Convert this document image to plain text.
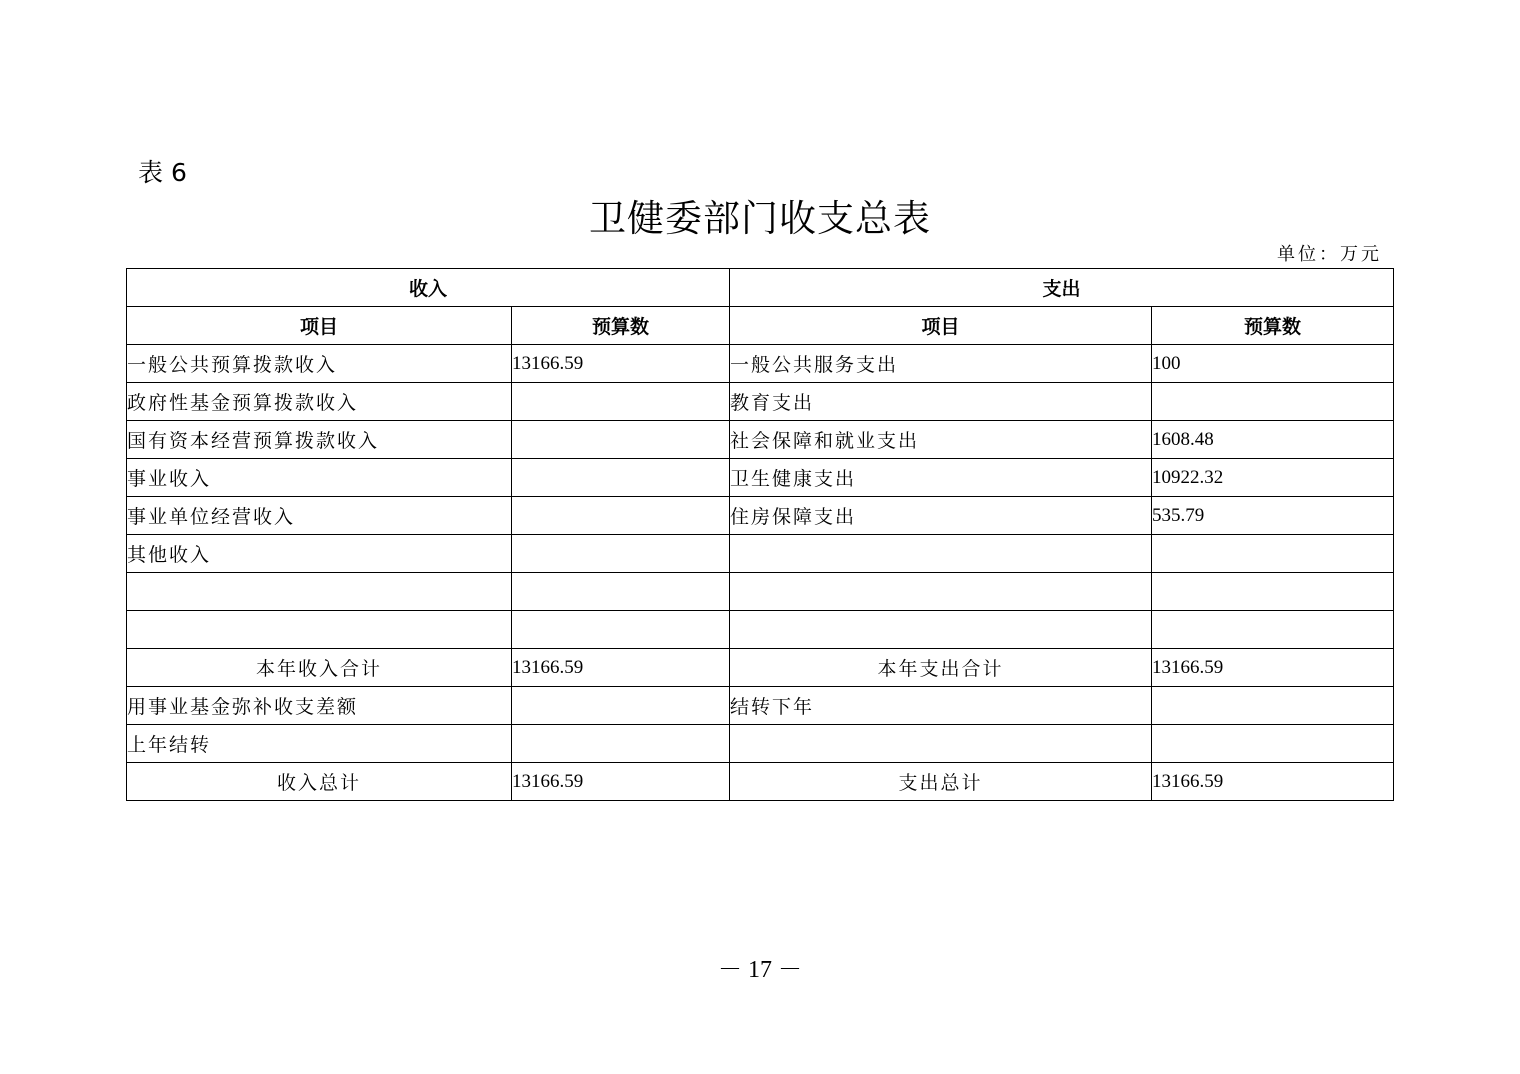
表 6
卫健委部门收支总表
单位：万元
收入		支出	
项目	预算数	项目	预算数
一般公共预算拨款收入	13166.59	一般公共服务支出	100
政府性基金预算拨款收入		教育支出	
国有资本经营预算拨款收入		社会保障和就业支出	1608.48
事业收入		卫生健康支出	10922.32
事业单位经营收入		住房保障支出	535.79
其他收入			

本年收入合计	13166.59	本年支出合计	13166.59
用事业基金弥补收支差额		结转下年	
上年结转			
收入总计	13166.59	支出总计	13166.59
－ 17 －
